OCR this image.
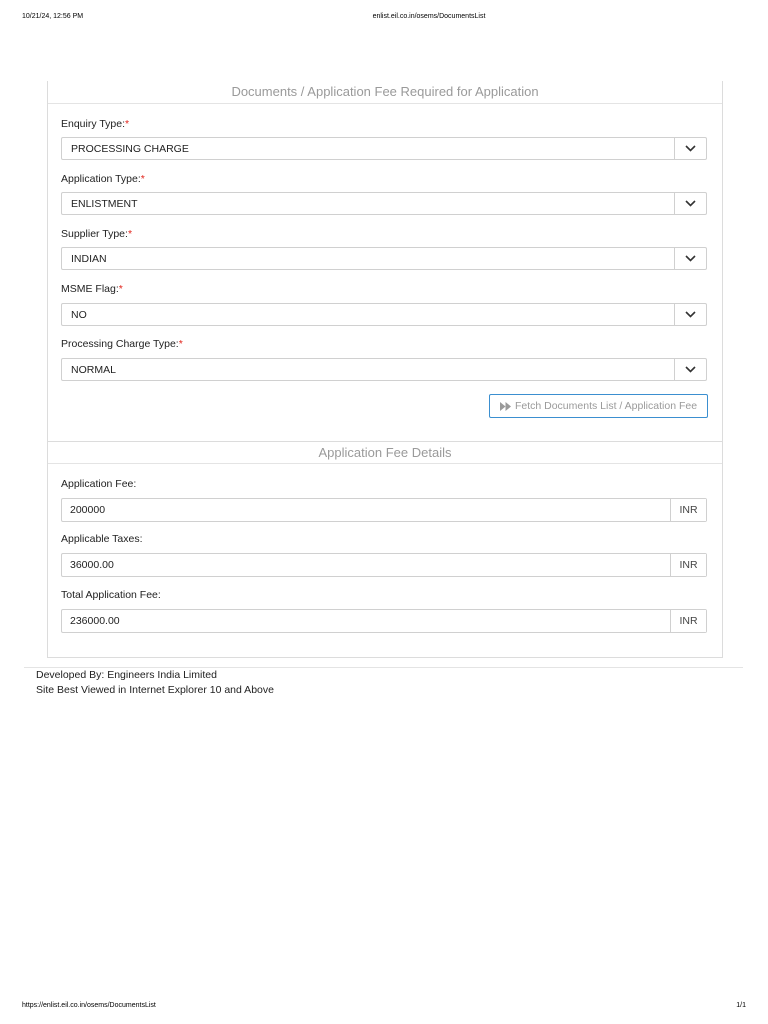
10/21/24, 12:56 PM	enlist.eil.co.in/osems/DocumentsList
Documents / Application Fee Required for Application
Enquiry Type:*
PROCESSING CHARGE
Application Type:*
ENLISTMENT
Supplier Type:*
INDIAN
MSME Flag:*
NO
Processing Charge Type:*
NORMAL
Fetch Documents List / Application Fee
Application Fee Details
Application Fee:
200000	INR
Applicable Taxes:
36000.00	INR
Total Application Fee:
236000.00	INR
Developed By: Engineers India Limited
Site Best Viewed in Internet Explorer 10 and Above
https://enlist.eil.co.in/osems/DocumentsList	1/1
